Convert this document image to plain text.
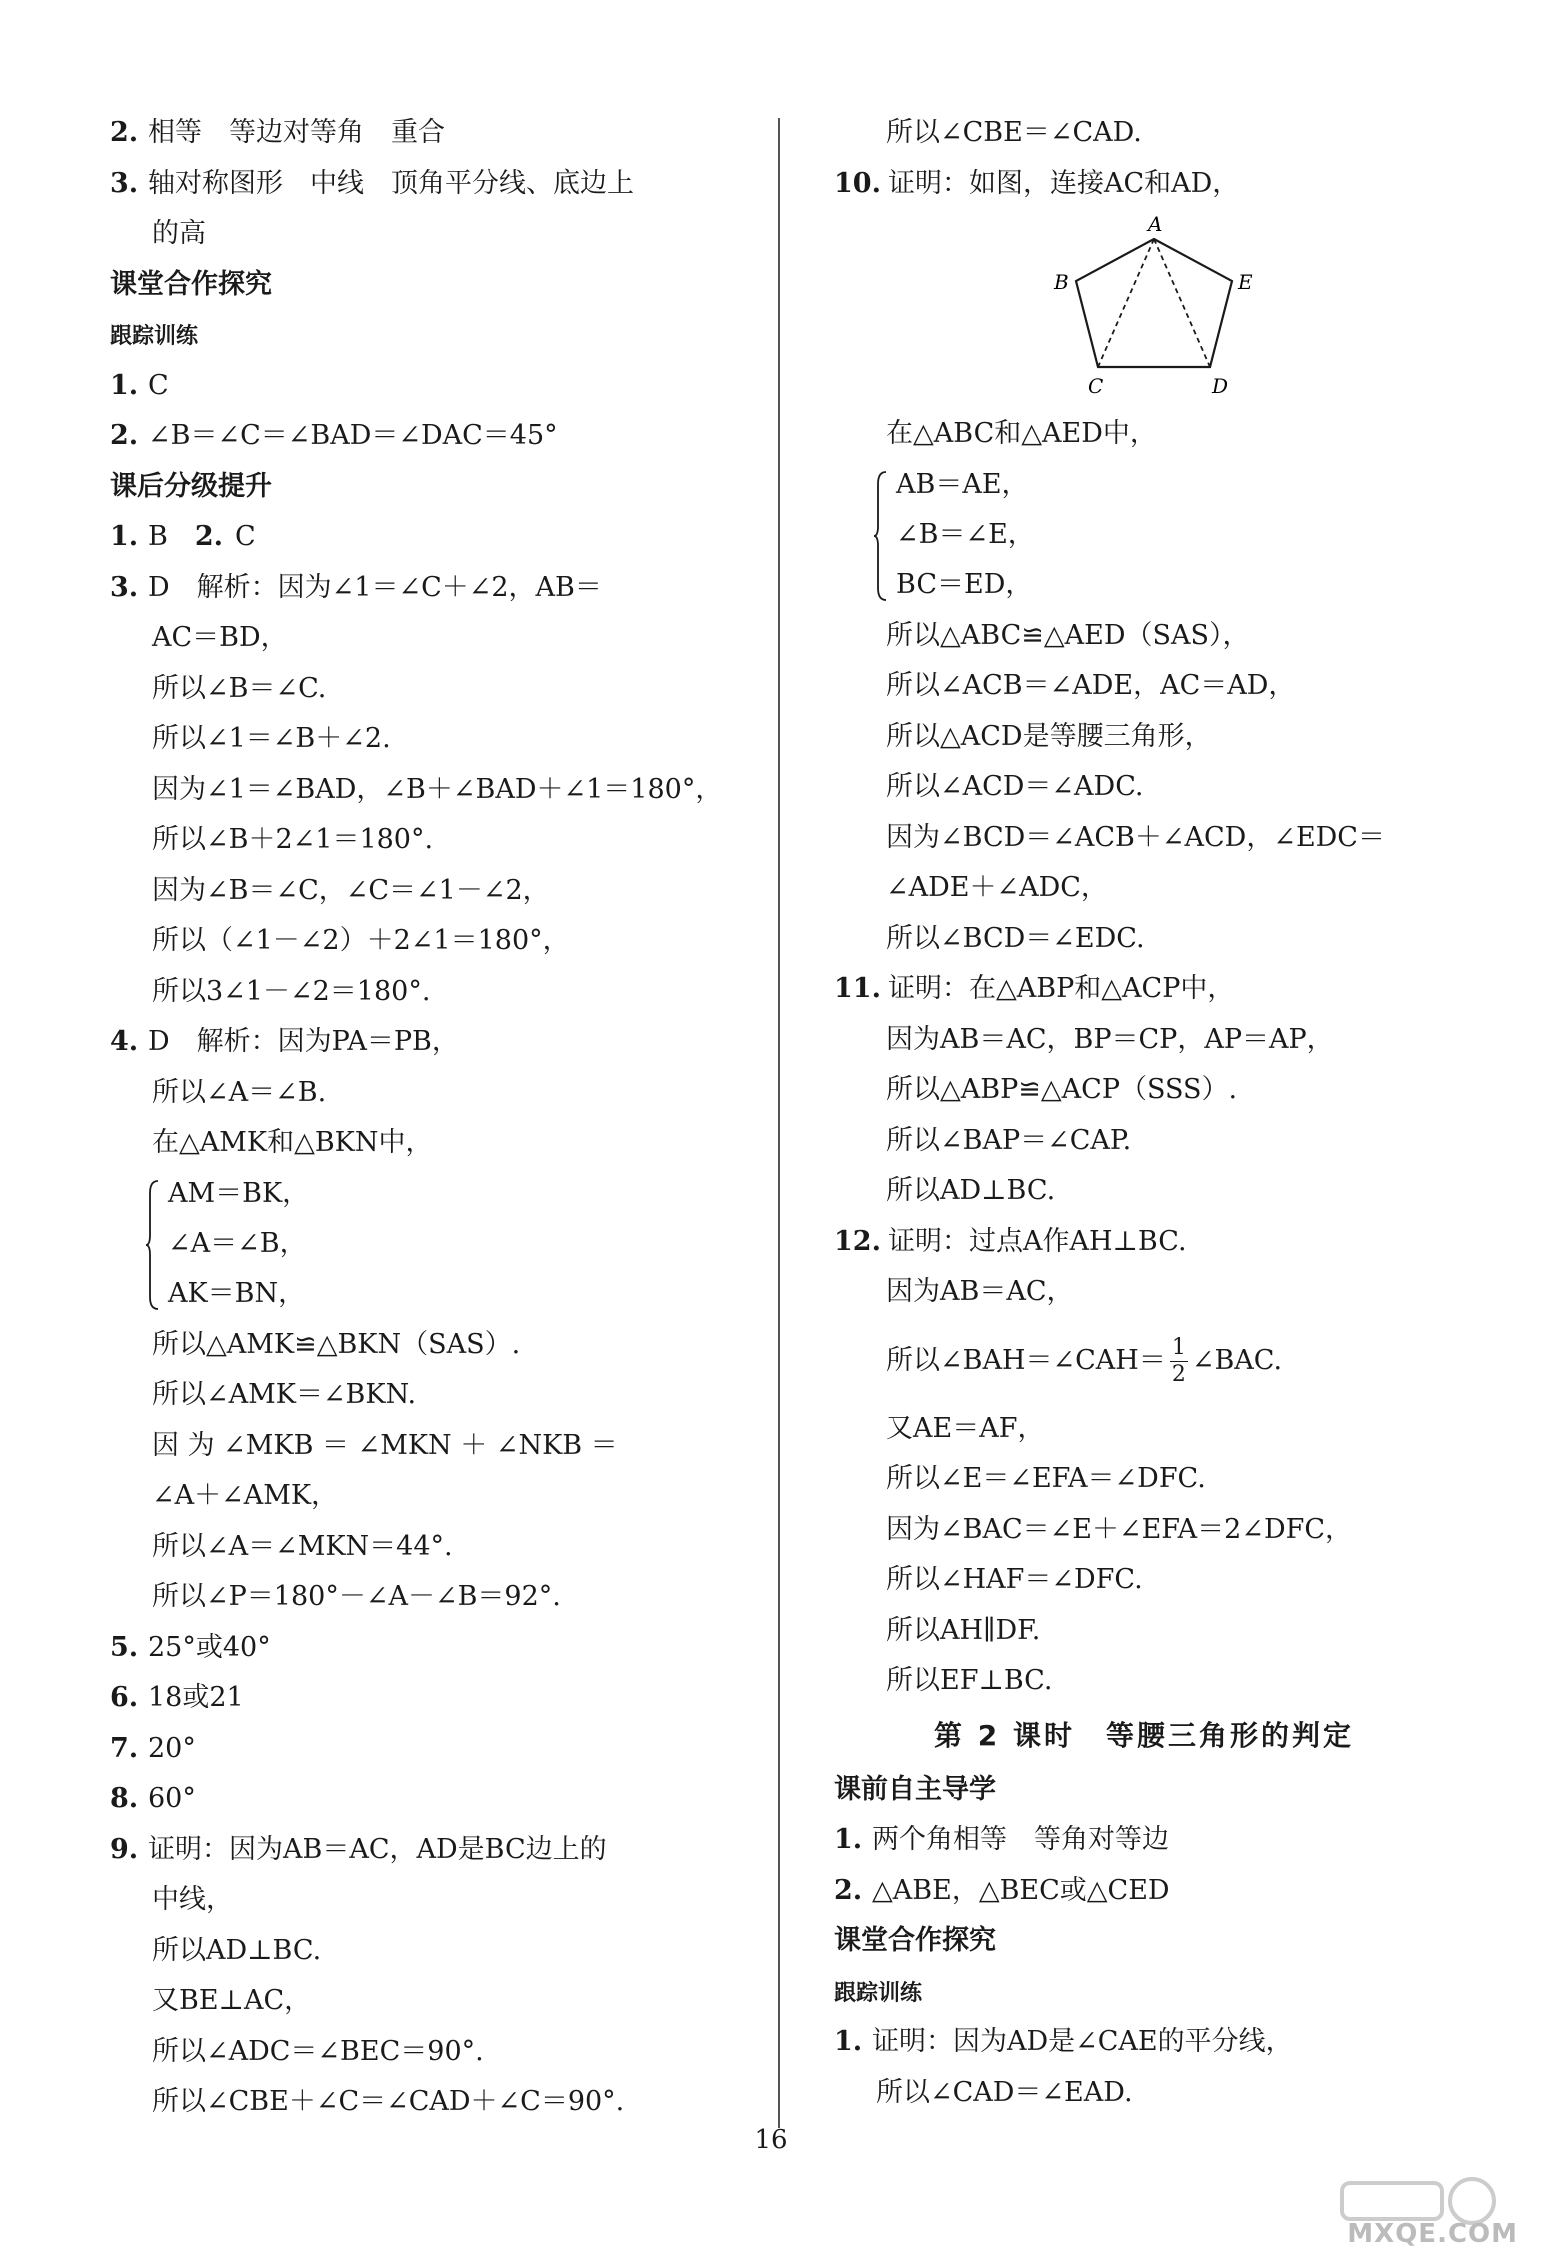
2. 相等　等边对等角　重合
3. 轴对称图形　中线　顶角平分线、底边上
的高
课堂合作探究
跟踪训练
1. C
2. ∠B＝∠C＝∠BAD＝∠DAC＝45°
课后分级提升
1. B　 2. C
3. D　解析：因为∠1＝∠C＋∠2，AB＝
AC＝BD，
所以∠B＝∠C.
所以∠1＝∠B＋∠2.
因为∠1＝∠BAD，∠B＋∠BAD＋∠1＝180°，
所以∠B＋2∠1＝180°.
因为∠B＝∠C，∠C＝∠1－∠2，
所以（∠1－∠2）＋2∠1＝180°，
所以3∠1－∠2＝180°.
4. D　解析：因为PA＝PB，
所以∠A＝∠B.
在△AMK和△BKN中，
AM＝BK，
∠A＝∠B，
AK＝BN，
所以△AMK≌△BKN（SAS）.
所以∠AMK＝∠BKN.
因 为 ∠MKB ＝ ∠MKN ＋ ∠NKB ＝
∠A＋∠AMK，
所以∠A＝∠MKN＝44°.
所以∠P＝180°－∠A－∠B＝92°.
5. 25°或40°
6. 18或21
7. 20°
8. 60°
9. 证明：因为AB＝AC，AD是BC边上的
中线，
所以AD⊥BC.
又BE⊥AC，
所以∠ADC＝∠BEC＝90°.
所以∠CBE＋∠C＝∠CAD＋∠C＝90°.
所以∠CBE＝∠CAD.
10. 证明：如图，连接AC和AD，
A
B	E
C	D
在△ABC和△AED中，
AB＝AE，
∠B＝∠E，
BC＝ED，
所以△ABC≌△AED（SAS），
所以∠ACB＝∠ADE，AC＝AD，
所以△ACD是等腰三角形，
所以∠ACD＝∠ADC.
因为∠BCD＝∠ACB＋∠ACD，∠EDC＝
∠ADE＋∠ADC，
所以∠BCD＝∠EDC.
11. 证明：在△ABP和△ACP中，
因为AB＝AC，BP＝CP，AP＝AP，
所以△ABP≌△ACP（SSS）.
所以∠BAP＝∠CAP.
所以AD⊥BC.
12. 证明：过点A作AH⊥BC.
因为AB＝AC，
所以∠BAH＝∠CAH＝ $\frac{1}{2}$ ∠BAC.
又AE＝AF，
所以∠E＝∠EFA＝∠DFC.
因为∠BAC＝∠E＋∠EFA＝2∠DFC，
所以∠HAF＝∠DFC.
所以AH∥DF.
所以EF⊥BC.
第 2 课时　等腰三角形的判定
课前自主导学
1. 两个角相等　等角对等边
2. △ABE，△BEC或△CED
课堂合作探究
跟踪训练
1. 证明：因为AD是∠CAE的平分线，
所以∠CAD＝∠EAD.
16
MXQE.COM
